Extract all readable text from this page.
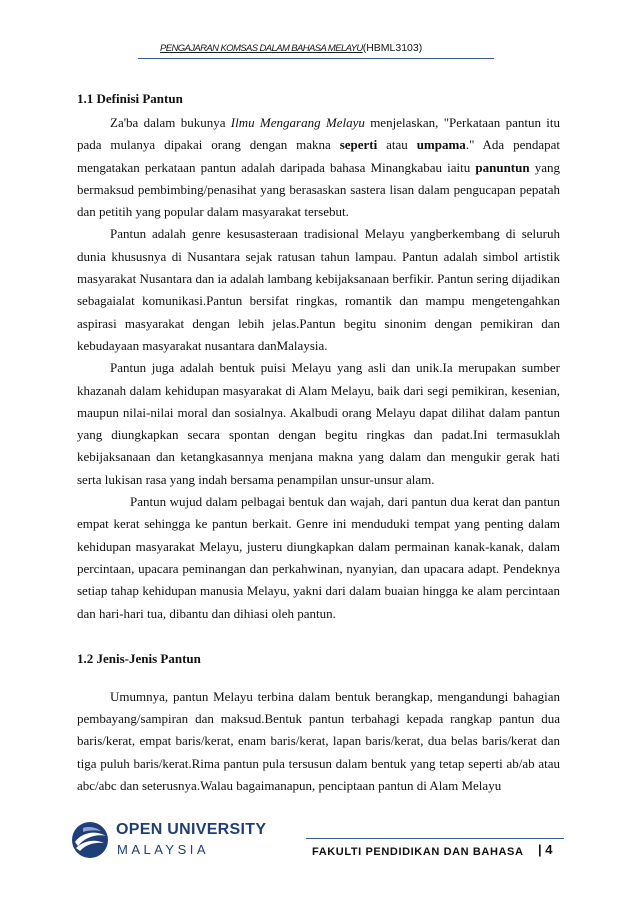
PENGAJARAN KOMSAS DALAM BAHASA MELAYU(HBML3103)
1.1 Definisi Pantun

Za'ba dalam bukunya Ilmu Mengarang Melayu menjelaskan, "Perkataan pantun itu pada mulanya dipakai orang dengan makna seperti atau umpama." Ada pendapat mengatakan perkataan pantun adalah daripada bahasa Minangkabau iaitu panuntun yang bermaksud pembimbing/penasihat yang berasaskan sastera lisan dalam pengucapan pepatah dan petitih yang popular dalam masyarakat tersebut.

Pantun adalah genre kesusasteraan tradisional Melayu yangberkembang di seluruh dunia khususnya di Nusantara sejak ratusan tahun lampau. Pantun adalah simbol artistik masyarakat Nusantara dan ia adalah lambang kebijaksanaan berfikir. Pantun sering dijadikan sebagaialat komunikasi.Pantun bersifat ringkas, romantik dan mampu mengetengahkan aspirasi masyarakat dengan lebih jelas.Pantun begitu sinonim dengan pemikiran dan kebudayaan masyarakat nusantara danMalaysia.

Pantun juga adalah bentuk puisi Melayu yang asli dan unik.Ia merupakan sumber khazanah dalam kehidupan masyarakat di Alam Melayu, baik dari segi pemikiran, kesenian, maupun nilai-nilai moral dan sosialnya. Akalbudi orang Melayu dapat dilihat dalam pantun yang diungkapkan secara spontan dengan begitu ringkas dan padat.Ini termasuklah kebijaksanaan dan ketangkasannya menjana makna yang dalam dan mengukir gerak hati serta lukisan rasa yang indah bersama penampilan unsur-unsur alam.

Pantun wujud dalam pelbagai bentuk dan wajah, dari pantun dua kerat dan pantun empat kerat sehingga ke pantun berkait. Genre ini menduduki tempat yang penting dalam kehidupan masyarakat Melayu, justeru diungkapkan dalam permainan kanak-kanak, dalam percintaan, upacara peminangan dan perkahwinan, nyanyian, dan upacara adapt. Pendeknya setiap tahap kehidupan manusia Melayu, yakni dari dalam buaian hingga ke alam percintaan dan hari-hari tua, dibantu dan dihiasi oleh pantun.

1.2 Jenis-Jenis Pantun

Umumnya, pantun Melayu terbina dalam bentuk berangkap, mengandungi bahagian pembayang/sampiran dan maksud.Bentuk pantun terbahagi kepada rangkap pantun dua baris/kerat, empat baris/kerat, enam baris/kerat, lapan baris/kerat, dua belas baris/kerat dan tiga puluh baris/kerat.Rima pantun pula tersusun dalam bentuk yang tetap seperti ab/ab atau abc/abc dan seterusnya.Walau bagaimanapun, penciptaan pantun di Alam Melayu

OPEN UNIVERSITY
MALAYSIA	FAKULTI PENDIDIKAN DAN BAHASA | 4
